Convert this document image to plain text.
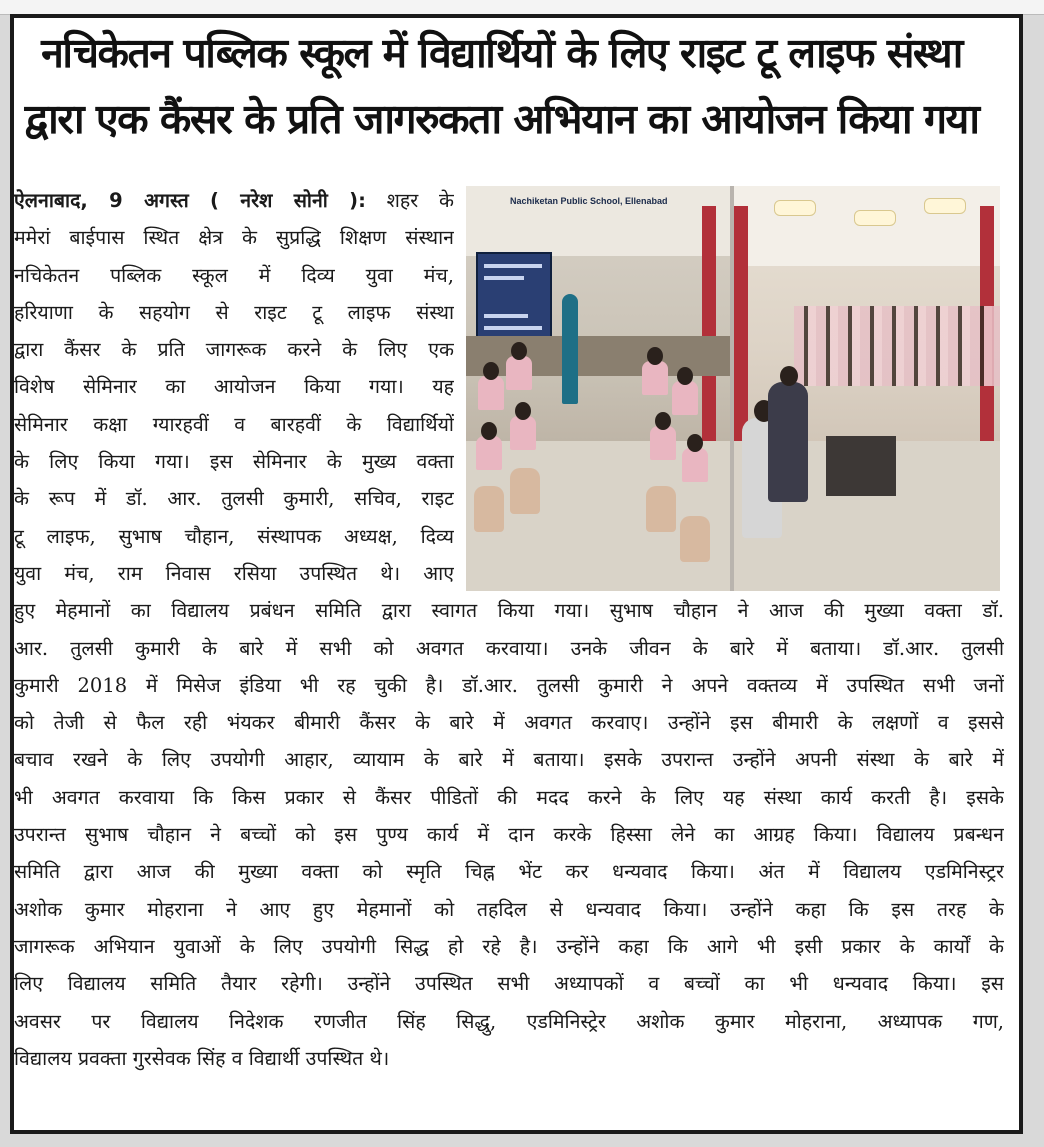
नचिकेतन पब्लिक स्कूल में विद्यार्थियों के लिए राइट टू लाइफ संस्था
द्वारा एक कैंसर के प्रति जागरुकता अभियान का आयोजन किया गया
Nachiketan Public School, Ellenabad
ऐलनाबाद, 9 अगस्त ( नरेश सोनी ): शहर के
ममेरां बाईपास स्थित क्षेत्र के सुप्रद्धि शिक्षण संस्थान
नचिकेतन पब्लिक स्कूल में दिव्य युवा मंच,
हरियाणा के सहयोग से राइट टू लाइफ संस्था
द्वारा कैंसर के प्रति जागरूक करने के लिए एक
विशेष सेमिनार का आयोजन किया गया। यह
सेमिनार कक्षा ग्यारहवीं व बारहवीं के विद्यार्थियों
के लिए किया गया। इस सेमिनार के मुख्य वक्ता
के रूप में डॉ. आर. तुलसी कुमारी, सचिव, राइट
टू लाइफ, सुभाष चौहान, संस्थापक अध्यक्ष, दिव्य
युवा मंच, राम निवास रसिया उपस्थित थे। आए
हुए मेहमानों का विद्यालय प्रबंधन समिति द्वारा स्वागत किया गया। सुभाष चौहान ने आज की मुख्या वक्ता डॉ.
आर. तुलसी कुमारी के बारे में सभी को अवगत करवाया। उनके जीवन के बारे में बताया। डॉ.आर. तुलसी
कुमारी 2018 में मिसेज इंडिया भी रह चुकी है। डॉ.आर. तुलसी कुमारी ने अपने वक्तव्य में उपस्थित सभी जनों
को तेजी से फैल रही भंयकर बीमारी कैंसर के बारे में अवगत करवाए। उन्होंने इस बीमारी के लक्षणों व इससे
बचाव रखने के लिए उपयोगी आहार, व्यायाम के बारे में बताया। इसके उपरान्त उन्होंने अपनी संस्था के बारे में
भी अवगत करवाया कि किस प्रकार से कैंसर पीडितों की मदद करने के लिए यह संस्था कार्य करती है। इसके
उपरान्त सुभाष चौहान ने बच्चों को इस पुण्य कार्य में दान करके हिस्सा लेने का आग्रह किया। विद्यालय प्रबन्धन
समिति द्वारा आज की मुख्या वक्ता को स्मृति चिह्न भेंट कर धन्यवाद किया। अंत में विद्यालय एडमिनिस्ट्रर
अशोक कुमार मोहराना ने आए हुए मेहमानों को तहदिल से धन्यवाद किया। उन्होंने कहा कि इस तरह के
जागरूक अभियान युवाओं के लिए उपयोगी सिद्ध हो रहे है। उन्होंने कहा कि आगे भी इसी प्रकार के कार्यों के
लिए विद्यालय समिति तैयार रहेगी। उन्होंने उपस्थित सभी अध्यापकों व बच्चों का भी धन्यवाद किया। इस
अवसर पर विद्यालय निदेशक रणजीत सिंह सिद्धु, एडमिनिस्ट्रेर अशोक कुमार मोहराना, अध्यापक गण,
विद्यालय प्रवक्ता गुरसेवक सिंह व विद्यार्थी उपस्थित थे।
